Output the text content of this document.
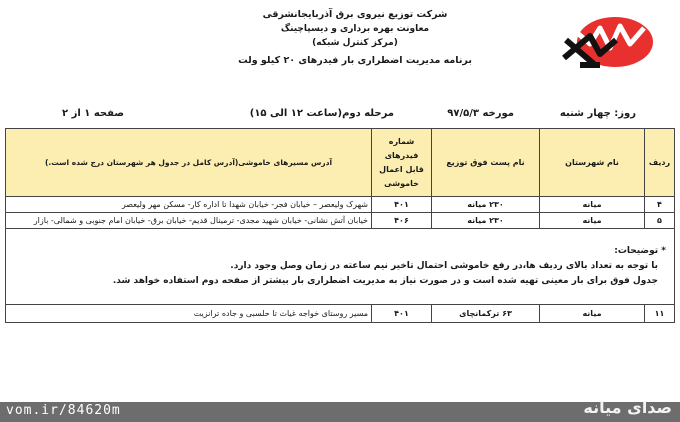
شرکت توزیع نیروی برق آذربایجانشرقی
معاونت بهره برداری و دیسپاچینگ
(مرکز کنترل شبکه)
برنامه مدیریت اضطراری بار فیدرهای ۲۰ کیلو ولت
روز: چهار شنبه
مورخه ۹۷/۵/۳
مرحله دوم(ساعت ۱۲ الی ۱۵)
صفحه ۱ از ۲
ردیف	نام شهرستان	نام پست فوق توزیع	شماره فیدرهای قابل اعمال خاموشی	آدرس مسیرهای خاموشی(آدرس کامل در جدول هر شهرستان درج شده است.)
۴	میانه	۲۳۰ میانه	۴۰۱	شهرک ولیعصر – خیابان فجر- خیابان شهدا تا اداره کار- مسکن مهر ولیعصر
۵	میانه	۲۳۰ میانه	۴۰۶	خیابان آتش نشانی- خیابان شهید مجدی- ترمینال قدیم- خیابان برق- خیابان امام جنوبی و شمالی- بازار

* توضیحات:
با توجه به تعداد بالای ردیف ها،در رفع خاموشی احتمال تاخیر نیم ساعته در زمان وصل وجود دارد.
جدول فوق برای بار معینی تهیه شده است و در صورت نیاز به مدیریت اضطراری بار بیشتر از صفحه دوم استفاده خواهد شد.				

۱۱	میانه	۶۳ ترکمانچای	۴۰۱	مسیر روستای خواجه غیاث تا حلسبی و جاده ترانزیت
vom.ir/84620m	صدای میانه
